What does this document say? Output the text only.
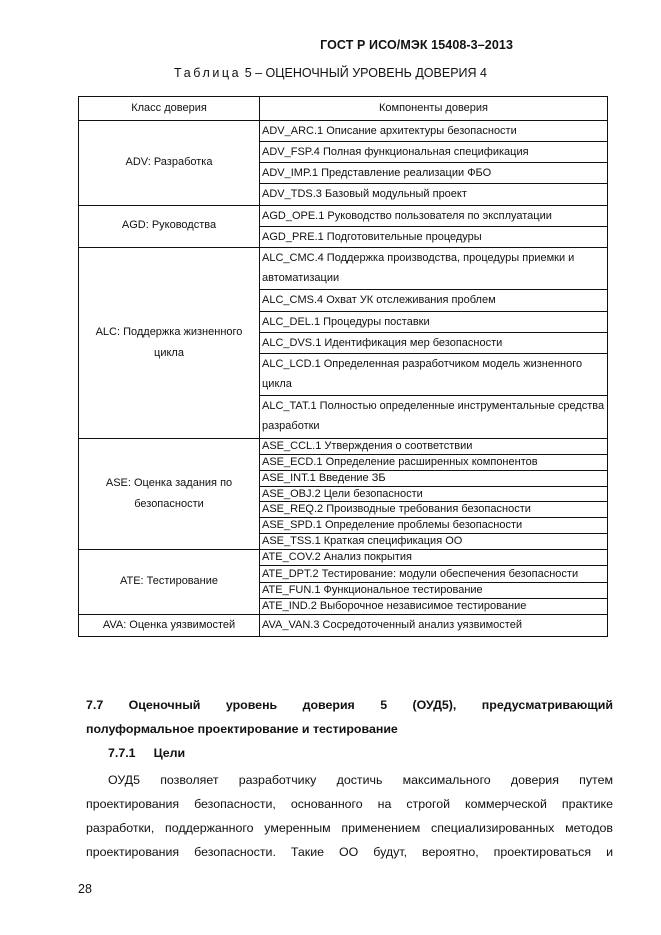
ГОСТ Р ИСО/МЭК 15408-3–2013
Таблица 5 – ОЦЕНОЧНЫЙ УРОВЕНЬ ДОВЕРИЯ 4
Класс доверия	Компоненты доверия
ADV: Разработка	ADV_ARC.1 Описание архитектуры безопасности
	ADV_FSP.4 Полная функциональная спецификация
	ADV_IMP.1 Представление реализации ФБО
	ADV_TDS.3 Базовый модульный проект
AGD: Руководства	AGD_OPE.1 Руководство пользователя по эксплуатации
	AGD_PRE.1 Подготовительные процедуры
ALC: Поддержка жизненного цикла	ALC_CMC.4 Поддержка производства, процедуры приемки и автоматизации
	ALC_CMS.4 Охват УК отслеживания проблем
	ALC_DEL.1 Процедуры поставки
	ALC_DVS.1 Идентификация мер безопасности
	ALC_LCD.1 Определенная разработчиком модель жизненного цикла
	ALC_TAT.1 Полностью определенные инструментальные средства разработки
ASE: Оценка задания по безопасности	ASE_CCL.1 Утверждения о соответствии
	ASE_ECD.1 Определение расширенных компонентов
	ASE_INT.1 Введение ЗБ
	ASE_OBJ.2 Цели безопасности
	ASE_REQ.2 Производные требования безопасности
	ASE_SPD.1 Определение проблемы безопасности
	ASE_TSS.1 Краткая спецификация ОО
ATE: Тестирование	ATE_COV.2 Анализ покрытия
	ATE_DPT.2 Тестирование: модули обеспечения безопасности
	ATE_FUN.1 Функциональное тестирование
	ATE_IND.2 Выборочное независимое тестирование
AVA: Оценка уязвимостей	AVA_VAN.3 Сосредоточенный анализ уязвимостей
7.7 Оценочный уровень доверия 5 (ОУД5), предусматривающий
полуформальное проектирование и тестирование
7.7.1 Цели
ОУД5 позволяет разработчику достичь максимального доверия путем
проектирования безопасности, основанного на строгой коммерческой практике
разработки, поддержанного умеренным применением специализированных методов
проектирования безопасности. Такие ОО будут, вероятно, проектироваться и
28
